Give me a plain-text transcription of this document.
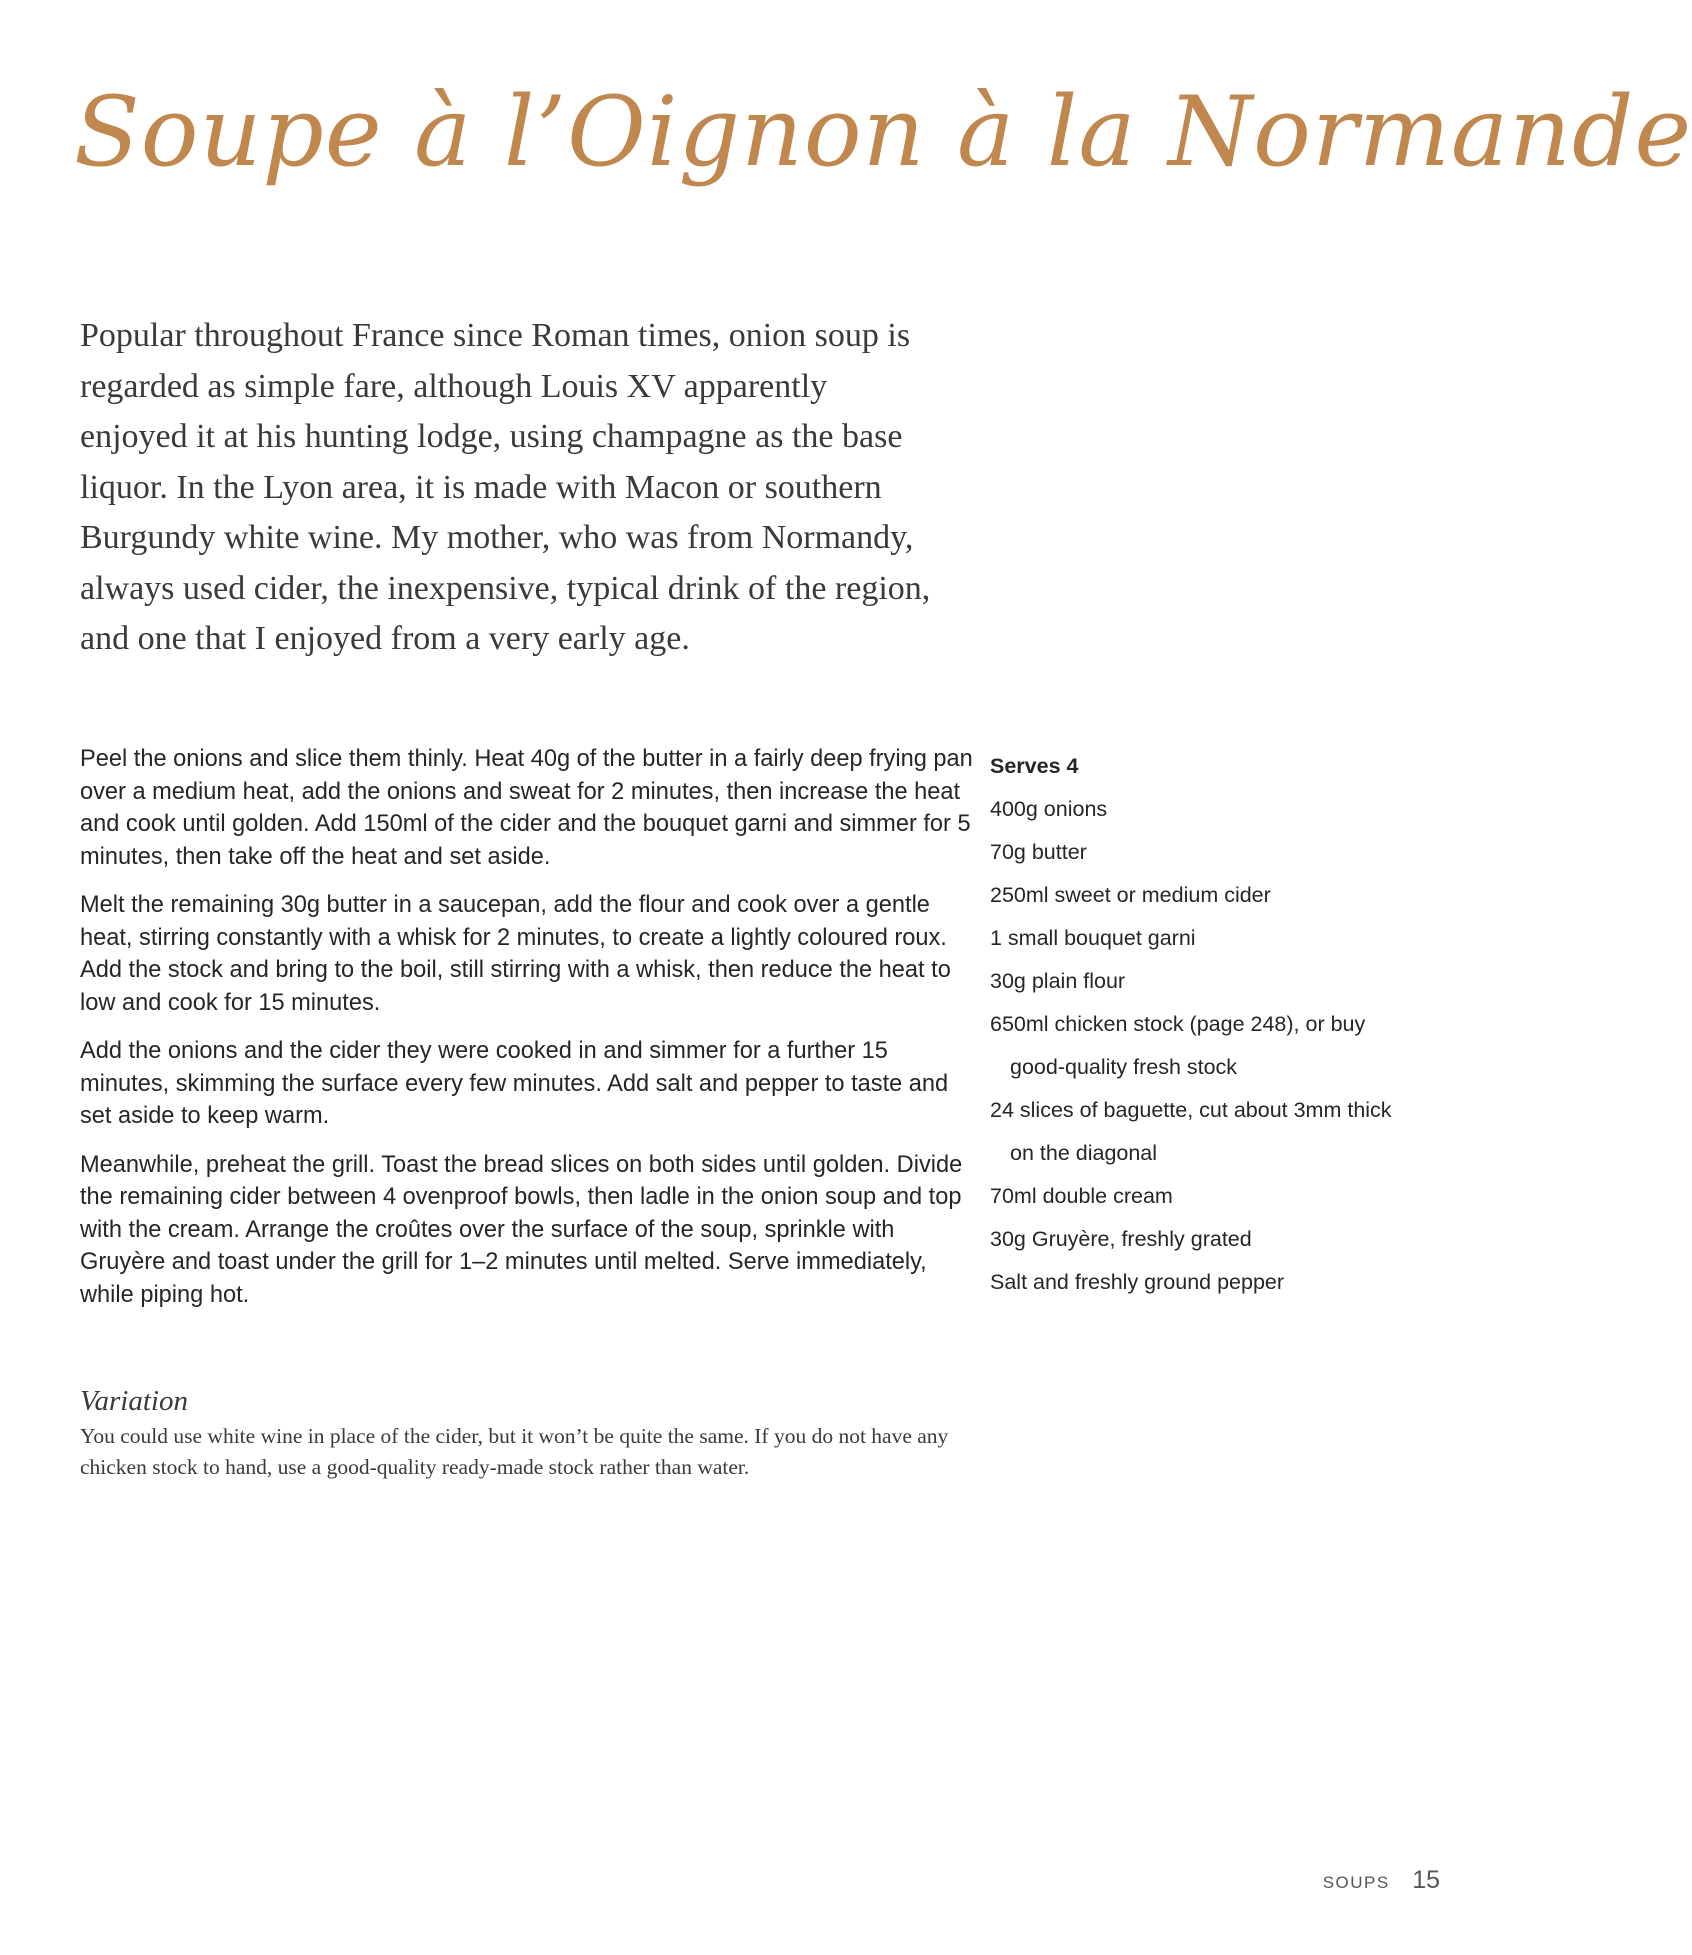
Soupe à l’Oignon à la Normande

Popular throughout France since Roman times, onion soup is regarded as simple fare, although Louis XV apparently enjoyed it at his hunting lodge, using champagne as the base liquor. In the Lyon area, it is made with Macon or southern Burgundy white wine. My mother, who was from Normandy, always used cider, the inexpensive, typical drink of the region, and one that I enjoyed from a very early age.

Peel the onions and slice them thinly. Heat 40g of the butter in a fairly deep frying pan over a medium heat, add the onions and sweat for 2 minutes, then increase the heat and cook until golden. Add 150ml of the cider and the bouquet garni and simmer for 5 minutes, then take off the heat and set aside.

Melt the remaining 30g butter in a saucepan, add the flour and cook over a gentle heat, stirring constantly with a whisk for 2 minutes, to create a lightly coloured roux. Add the stock and bring to the boil, still stirring with a whisk, then reduce the heat to low and cook for 15 minutes.

Add the onions and the cider they were cooked in and simmer for a further 15 minutes, skimming the surface every few minutes. Add salt and pepper to taste and set aside to keep warm.

Meanwhile, preheat the grill. Toast the bread slices on both sides until golden. Divide the remaining cider between 4 ovenproof bowls, then ladle in the onion soup and top with the cream. Arrange the croûtes over the surface of the soup, sprinkle with Gruyère and toast under the grill for 1–2 minutes until melted. Serve immediately, while piping hot.

Serves 4

400g onions
70g butter
250ml sweet or medium cider
1 small bouquet garni
30g plain flour
650ml chicken stock (page 248), or buy good-quality fresh stock
24 slices of baguette, cut about 3mm thick on the diagonal
70ml double cream
30g Gruyère, freshly grated
Salt and freshly ground pepper
Variation

You could use white wine in place of the cider, but it won’t be quite the same. If you do not have any chicken stock to hand, use a good-quality ready-made stock rather than water.

SOUPS 15
